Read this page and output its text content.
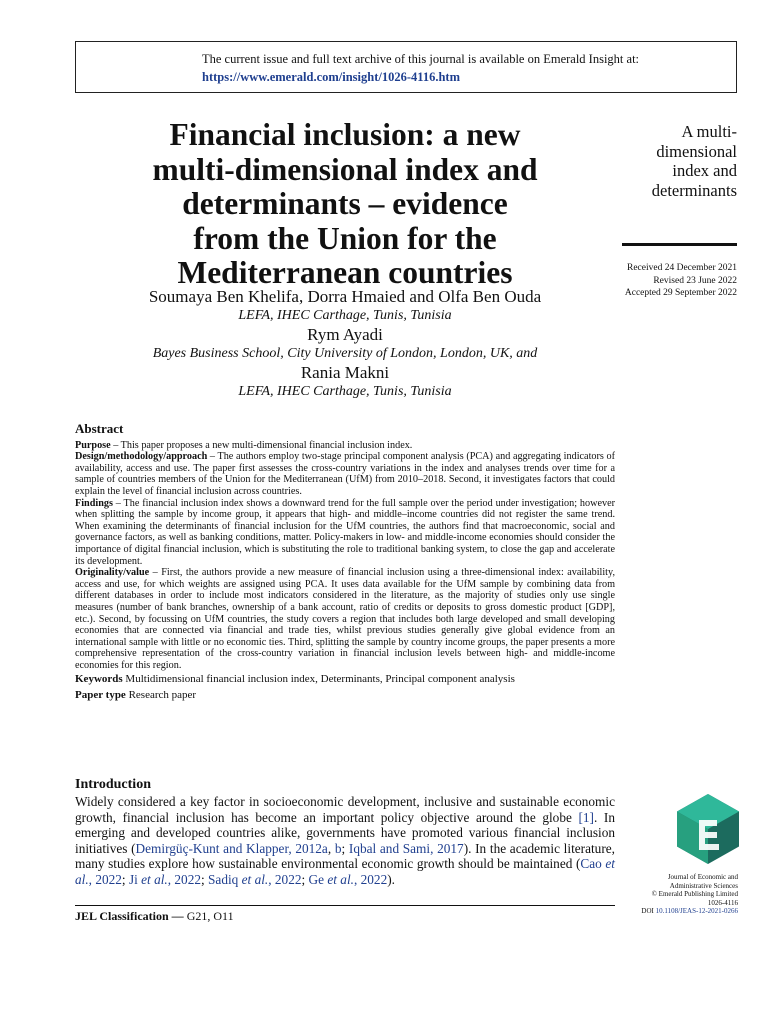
The current issue and full text archive of this journal is available on Emerald Insight at:
https://www.emerald.com/insight/1026-4116.htm
Financial inclusion: a new
multi-dimensional index and
determinants – evidence
from the Union for the
Mediterranean countries
A multi-
dimensional
index and
determinants
Received 24 December 2021
Revised 23 June 2022
Accepted 29 September 2022
Soumaya Ben Khelifa, Dorra Hmaied and Olfa Ben Ouda
LEFA, IHEC Carthage, Tunis, Tunisia
Rym Ayadi
Bayes Business School, City University of London, London, UK, and
Rania Makni
LEFA, IHEC Carthage, Tunis, Tunisia
Abstract
Purpose – This paper proposes a new multi-dimensional financial inclusion index.
Design/methodology/approach – The authors employ two-stage principal component analysis (PCA) and aggregating indicators of availability, access and use. The paper first assesses the cross-country variations in the index and analyses trends over time for a sample of countries members of the Union for the Mediterranean (UfM) from 2010–2018. Second, it investigates factors that could explain the level of financial inclusion across countries.
Findings – The financial inclusion index shows a downward trend for the full sample over the period under investigation; however when splitting the sample by income group, it appears that high- and middle–income countries did not register the same trend. When examining the determinants of financial inclusion for the UfM countries, the authors find that macroeconomic, social and governance factors, as well as banking conditions, matter. Policy-makers in low- and middle-income economies should consider the importance of digital financial inclusion, which is substituting the role to traditional banking system, to close the gap and accelerate its development.
Originality/value – First, the authors provide a new measure of financial inclusion using a three-dimensional index: availability, access and use, for which weights are assigned using PCA. It uses data available for the UfM sample by combining data from different databases in order to include most indicators considered in the literature, as the majority of studies only use single measures (number of bank branches, ownership of a bank account, ratio of credits or deposits to gross domestic product [GDP], etc.). Second, by focussing on UfM countries, the study covers a region that includes both large developed and small developing economies that are connected via financial and trade ties, whilst previous studies generally give global evidence from an international sample with little or no economic ties. Third, splitting the sample by country income groups, the paper presents a more comprehensive representation of the cross-country variation in financial inclusion levels between high- and middle-income economies for this region.
Keywords Multidimensional financial inclusion index, Determinants, Principal component analysis
Paper type Research paper
Introduction

Widely considered a key factor in socioeconomic development, inclusive and sustainable economic growth, financial inclusion has become an important policy objective around the globe [1]. In emerging and developed countries alike, governments have promoted various financial inclusion initiatives (Demirgüç-Kunt and Klapper, 2012a, b; Iqbal and Sami, 2017). In the academic literature, many studies explore how sustainable environmental economic growth should be maintained (Cao et al., 2022; Ji et al., 2022; Sadiq et al., 2022; Ge et al., 2022).

JEL Classification — G21, O11
Journal of Economic and
Administrative Sciences
© Emerald Publishing Limited
1026-4116
DOI 10.1108/JEAS-12-2021-0266
